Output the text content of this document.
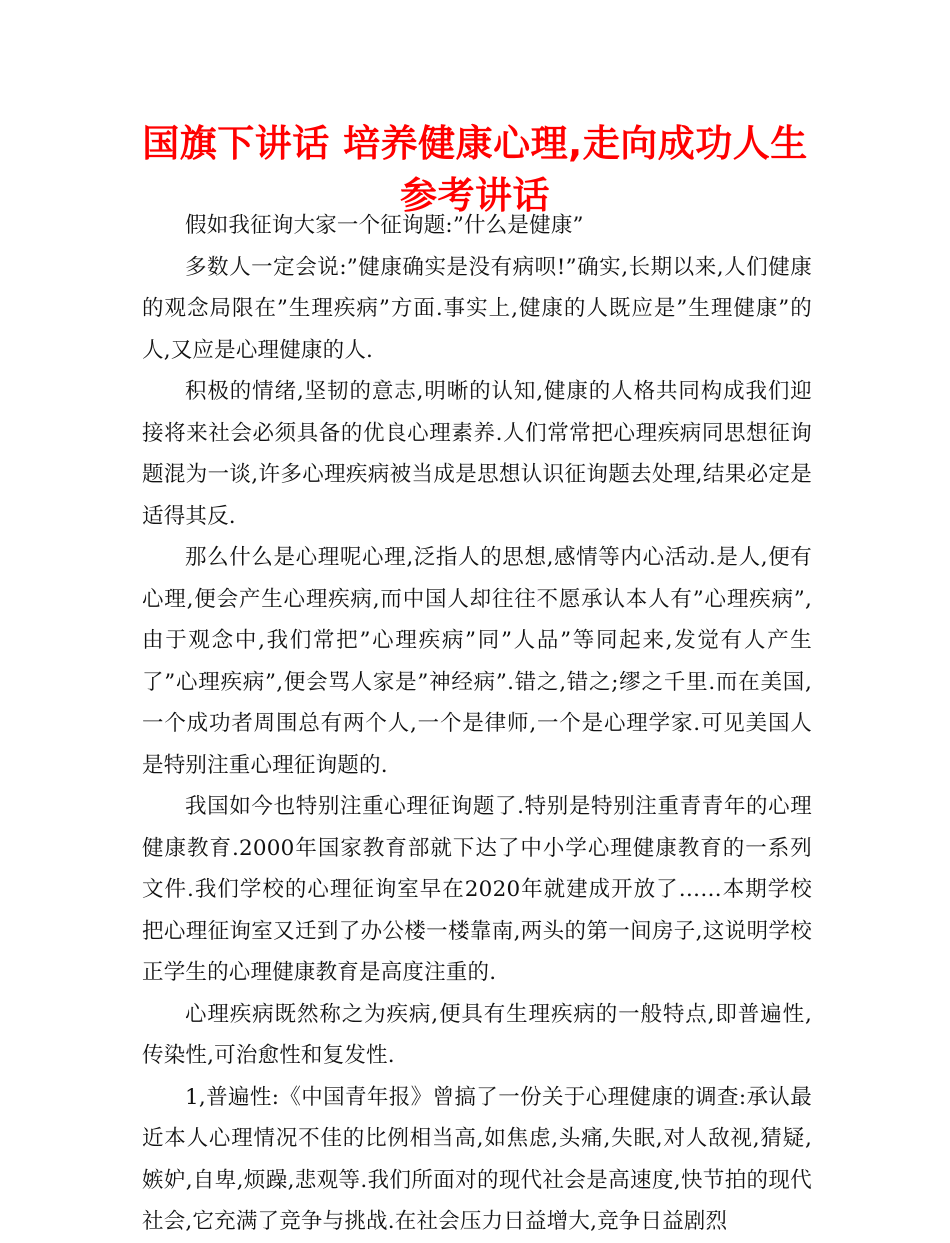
国旗下讲话 培养健康心理,走向成功人生参考讲话

假如我征询大家一个征询题:”什么是健康”

多数人一定会说:”健康确实是没有病呗!”确实,长期以来,人们健康的观念局限在”生理疾病”方面.事实上,健康的人既应是”生理健康”的人,又应是心理健康的人.

积极的情绪,坚韧的意志,明晰的认知,健康的人格共同构成我们迎接将来社会必须具备的优良心理素养.人们常常把心理疾病同思想征询题混为一谈,许多心理疾病被当成是思想认识征询题去处理,结果必定是适得其反.

那么什么是心理呢心理,泛指人的思想,感情等内心活动.是人,便有心理,便会产生心理疾病,而中国人却往往不愿承认本人有”心理疾病”,由于观念中,我们常把”心理疾病”同”人品”等同起来,发觉有人产生了”心理疾病”,便会骂人家是”神经病”.错之,错之;缪之千里.而在美国,一个成功者周围总有两个人,一个是律师,一个是心理学家.可见美国人是特别注重心理征询题的.

我国如今也特别注重心理征询题了.特别是特别注重青青年的心理健康教育.2000年国家教育部就下达了中小学心理健康教育的一系列文件.我们学校的心理征询室早在2020年就建成开放了……本期学校把心理征询室又迁到了办公楼一楼靠南,两头的第一间房子,这说明学校正学生的心理健康教育是高度注重的.

心理疾病既然称之为疾病,便具有生理疾病的一般特点,即普遍性,传染性,可治愈性和复发性.

1,普遍性:《中国青年报》曾搞了一份关于心理健康的调查:承认最近本人心理情况不佳的比例相当高,如焦虑,头痛,失眠,对人敌视,猜疑,嫉妒,自卑,烦躁,悲观等.我们所面对的现代社会是高速度,快节拍的现代社会,它充满了竞争与挑战.在社会压力日益增大,竞争日益剧烈
